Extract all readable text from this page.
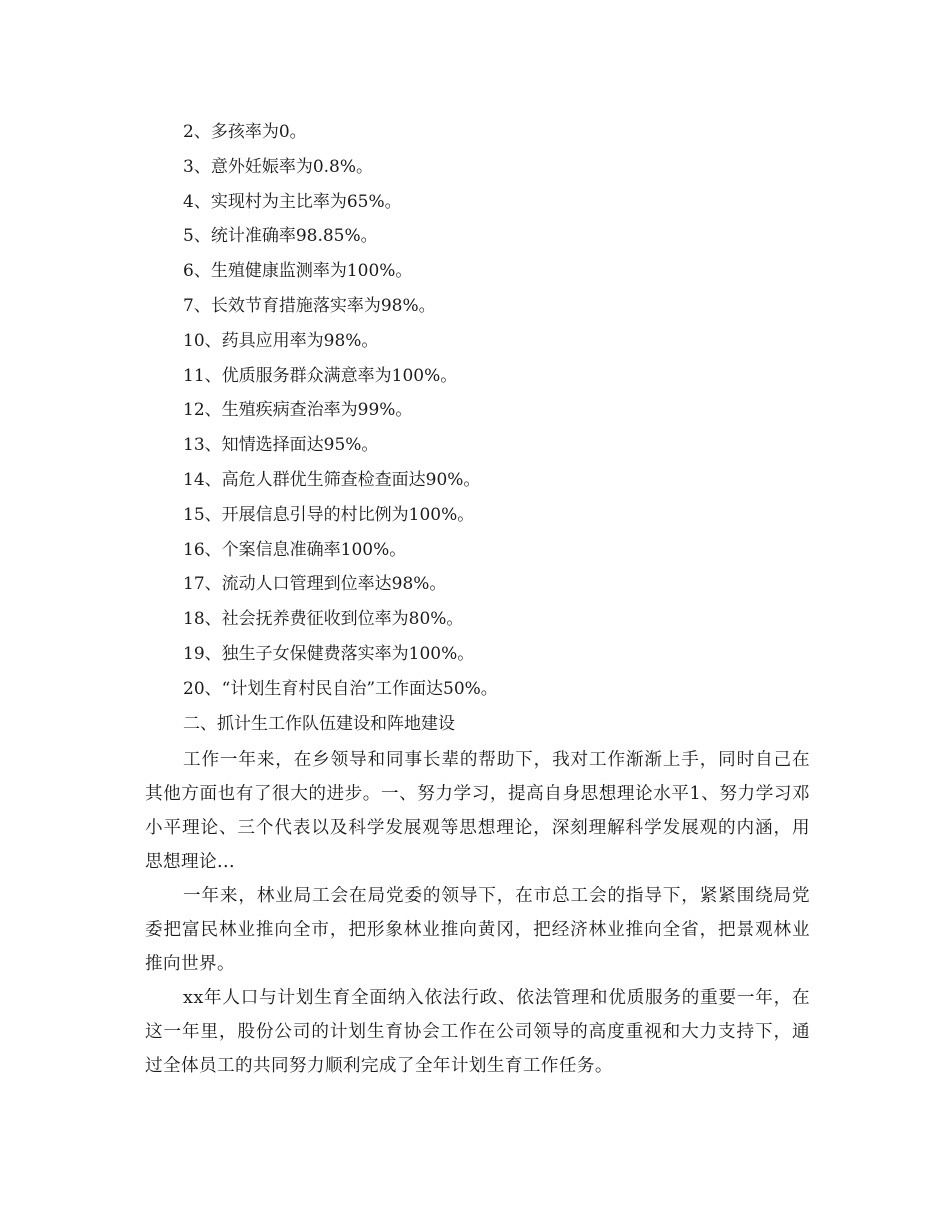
2、多孩率为0。
3、意外妊娠率为0.8%。
4、实现村为主比率为65%。
5、统计准确率98.85%。
6、生殖健康监测率为100%。
7、长效节育措施落实率为98%。
10、药具应用率为98%。
11、优质服务群众满意率为100%。
12、生殖疾病查治率为99%。
13、知情选择面达95%。
14、高危人群优生筛查检查面达90%。
15、开展信息引导的村比例为100%。
16、个案信息准确率100%。
17、流动人口管理到位率达98%。
18、社会抚养费征收到位率为80%。
19、独生子女保健费落实率为100%。
20、“计划生育村民自治”工作面达50%。
二、抓计生工作队伍建设和阵地建设

工作一年来，在乡领导和同事长辈的帮助下，我对工作渐渐上手，同时自己在其他方面也有了很大的进步。一、努力学习，提高自身思想理论水平1、努力学习邓小平理论、三个代表以及科学发展观等思想理论，深刻理解科学发展观的内涵，用思想理论...

一年来，林业局工会在局党委的领导下，在市总工会的指导下，紧紧围绕局党委把富民林业推向全市，把形象林业推向黄冈，把经济林业推向全省，把景观林业推向世界。

xx年人口与计划生育全面纳入依法行政、依法管理和优质服务的重要一年，在这一年里，股份公司的计划生育协会工作在公司领导的高度重视和大力支持下，通过全体员工的共同努力顺利完成了全年计划生育工作任务。
